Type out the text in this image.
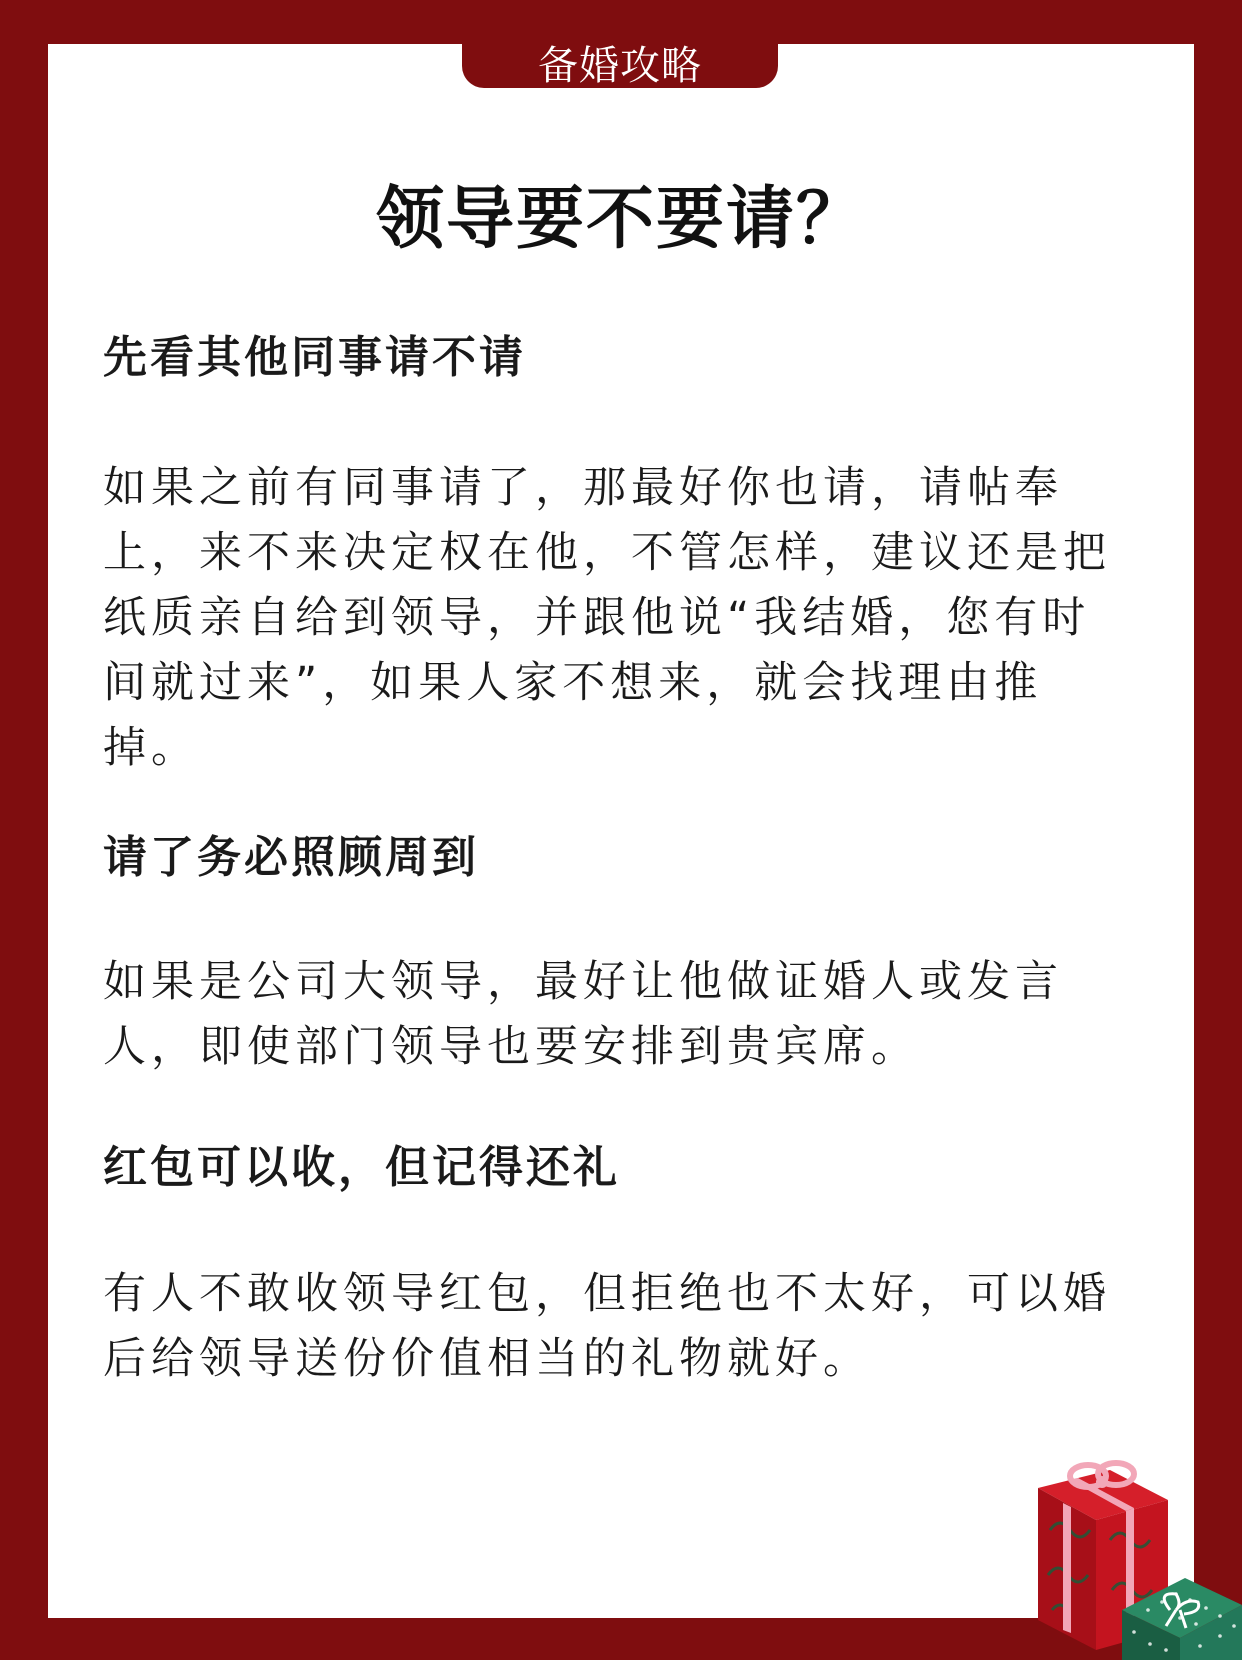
备婚攻略
领导要不要请？
先看其他同事请不请

如果之前有同事请了，那最好你也请，请帖奉上，来不来决定权在他，不管怎样，建议还是把纸质亲自给到领导，并跟他说“我结婚，您有时间就过来”，如果人家不想来，就会找理由推掉。

请了务必照顾周到

如果是公司大领导，最好让他做证婚人或发言人，即使部门领导也要安排到贵宾席。

红包可以收，但记得还礼

有人不敢收领导红包，但拒绝也不太好，可以婚后给领导送份价值相当的礼物就好。
